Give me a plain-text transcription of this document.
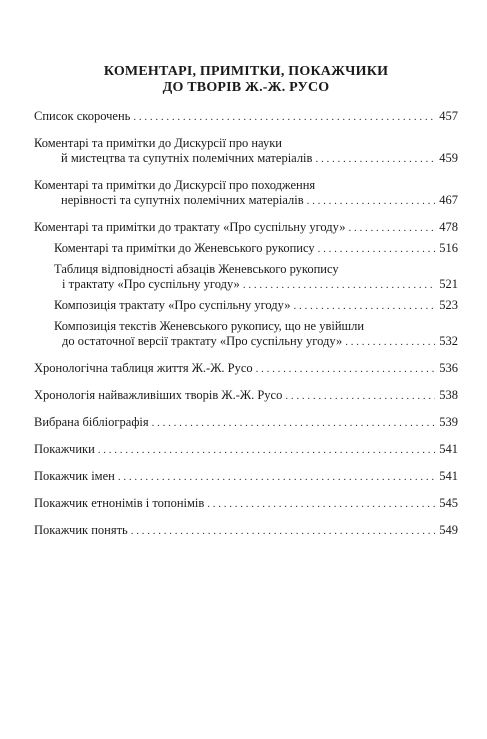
КОМЕНТАРІ, ПРИМІТКИ, ПОКАЖЧИКИ
ДО ТВОРІВ Ж.-Ж. РУСО
Список скорочень . . .	457
Коментарі та примітки до Дискурсії про науки
й мистецтва та супутніх полемічних матеріалів . . .	459
Коментарі та примітки до Дискурсії про походження
нерівності та супутніх полемічних матеріалів . . .	467
Коментарі та примітки до трактату «Про суспільну угоду» . . .	478
Коментарі та примітки до Женевського рукопису . . .	516
Таблиця відповідності абзаців Женевського рукопису
і трактату «Про суспільну угоду» . . .	521
Композиція трактату «Про суспільну угоду» . . .	523
Композиція текстів Женевського рукопису, що не увійшли
до остаточної версії трактату «Про суспільну угоду» . . .	532
Хронологічна таблиця життя Ж.-Ж. Русо . . .	536
Хронологія найважливіших творів Ж.-Ж. Русо . . .	538
Вибрана бібліографія . . .	539
Покажчики . . .	541
Покажчик імен . . .	541
Покажчик етнонімів і топонімів . . .	545
Покажчик понять . . .	549
